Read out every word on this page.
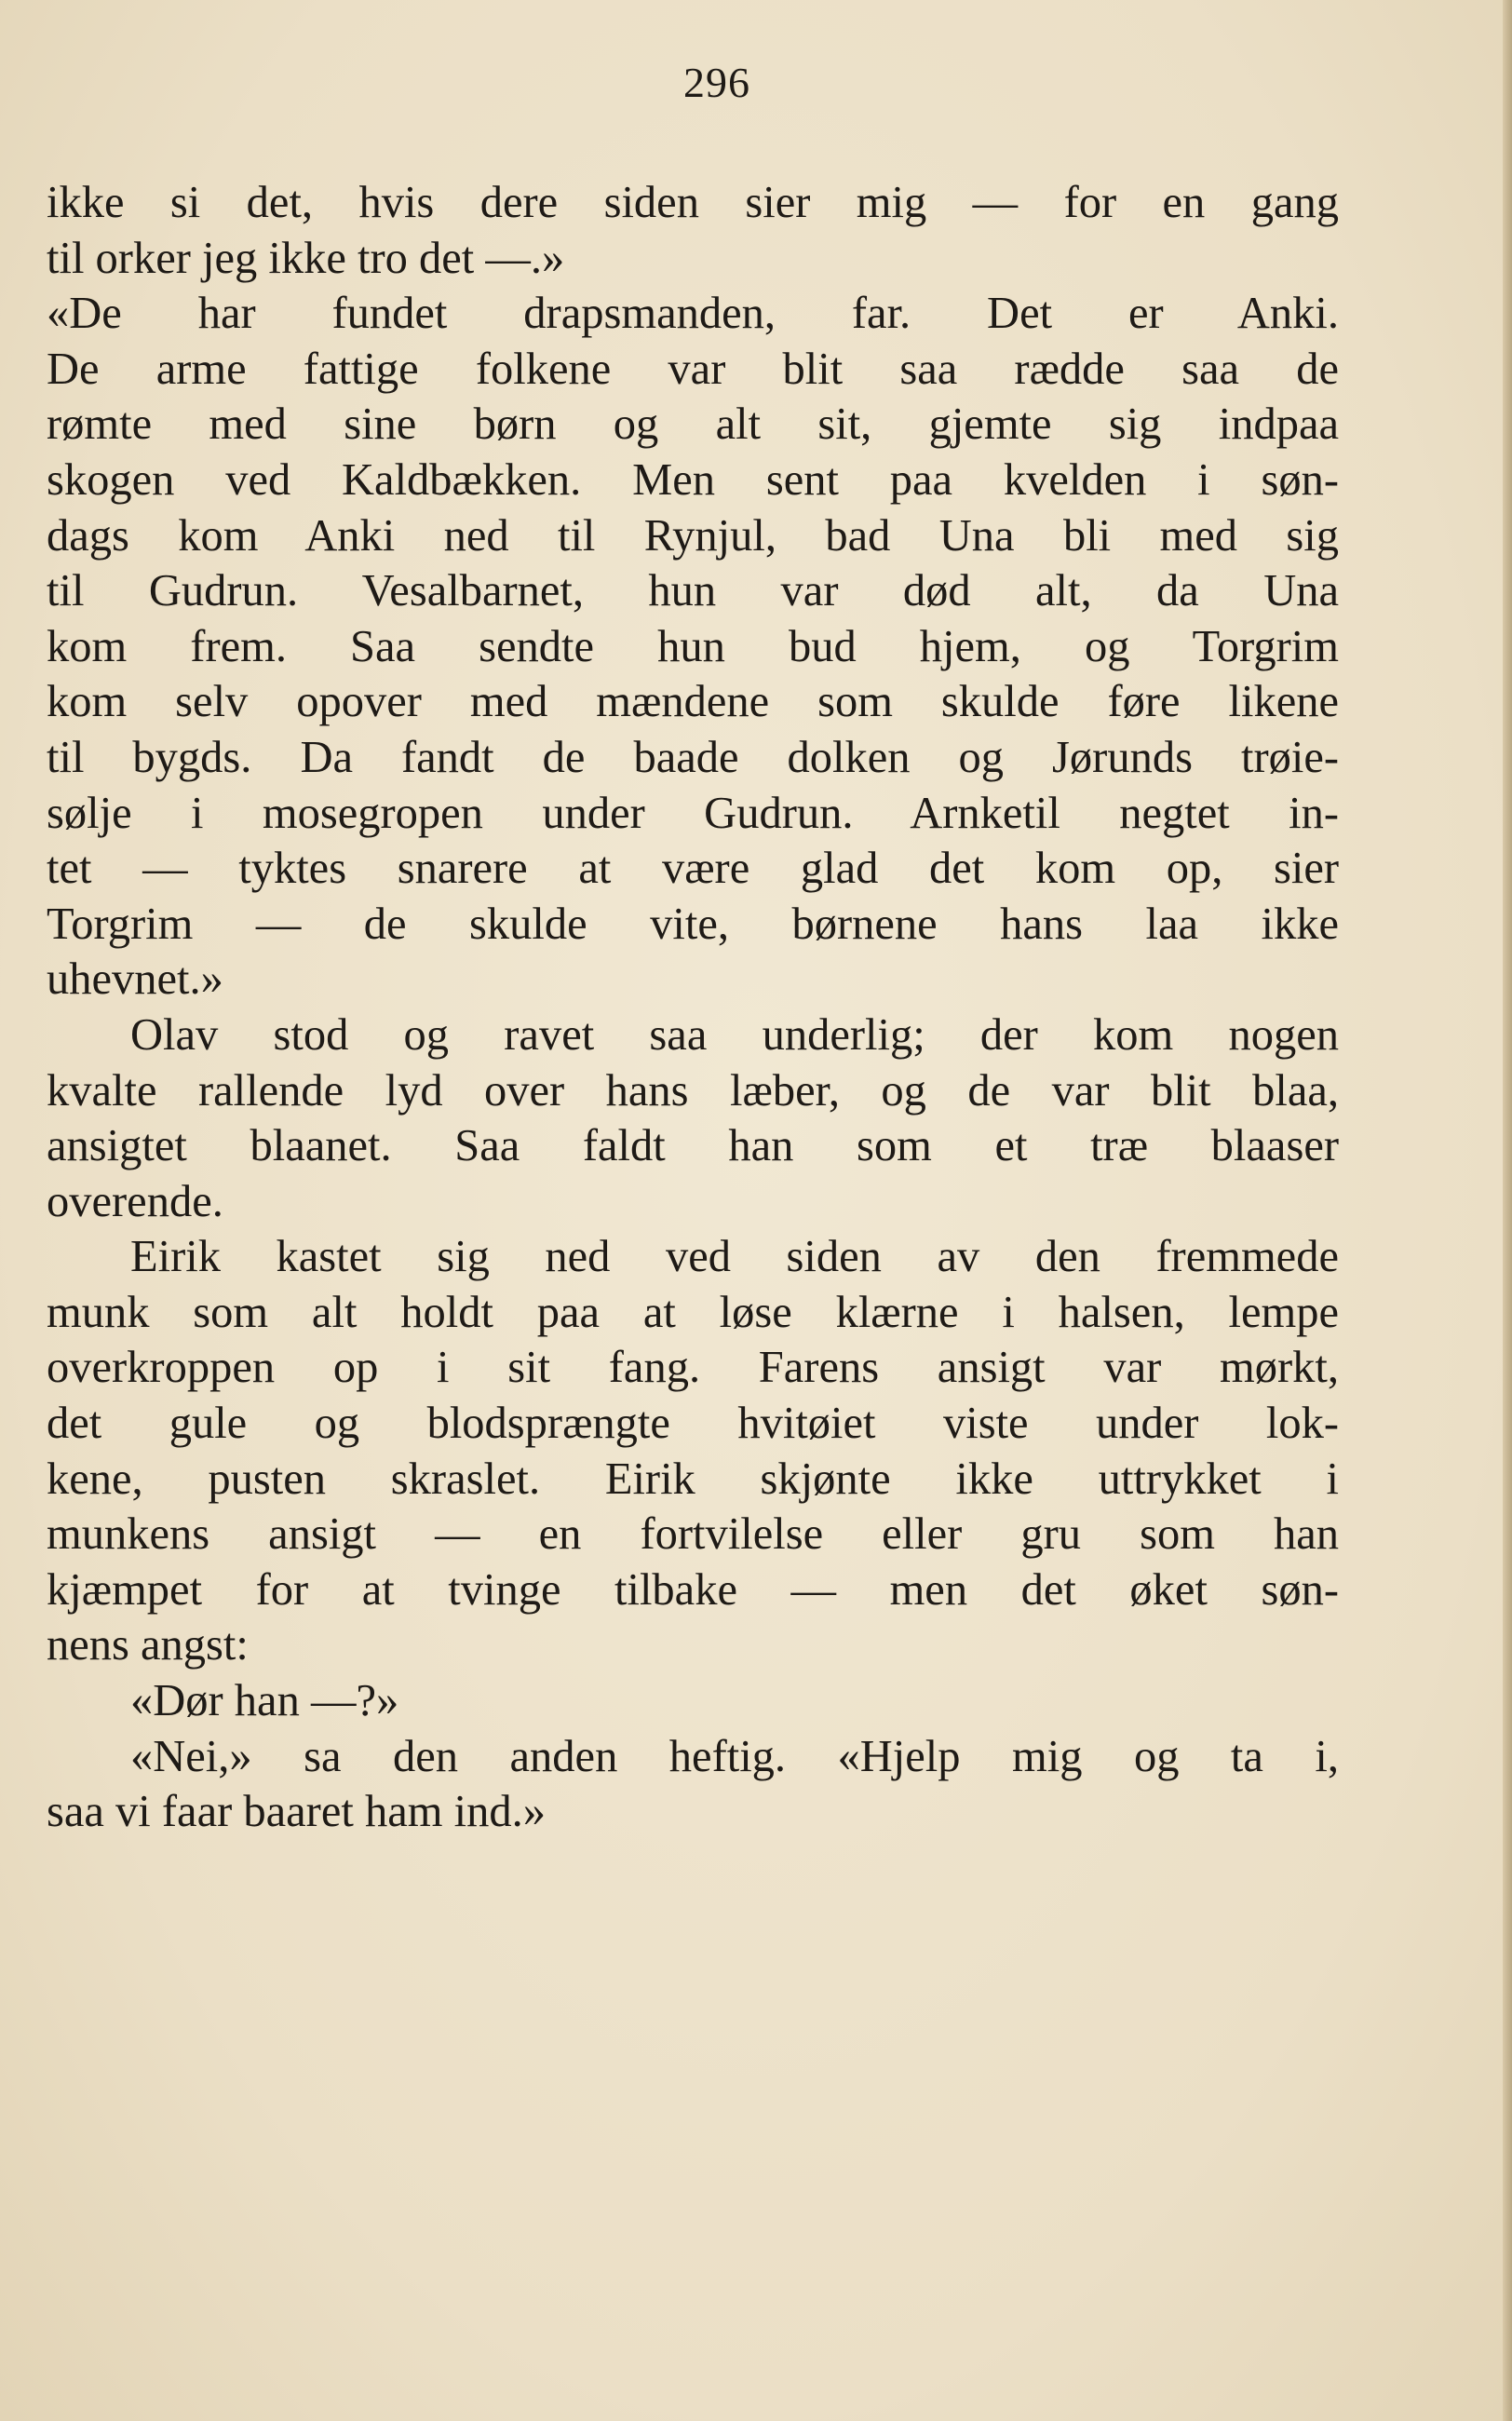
296
ikke si det, hvis dere siden sier mig — for en gang
til orker jeg ikke tro det —.»
«De har fundet drapsmanden, far. Det er Anki.
De arme fattige folkene var blit saa rædde saa de
rømte med sine børn og alt sit, gjemte sig indpaa
skogen ved Kaldbækken. Men sent paa kvelden i søn-
dags kom Anki ned til Rynjul, bad Una bli med sig
til Gudrun. Vesalbarnet, hun var død alt, da Una
kom frem. Saa sendte hun bud hjem, og Torgrim
kom selv opover med mændene som skulde føre likene
til bygds. Da fandt de baade dolken og Jørunds trøie-
sølje i mosegropen under Gudrun. Arnketil negtet in-
tet — tyktes snarere at være glad det kom op, sier
Torgrim — de skulde vite, børnene hans laa ikke
uhevnet.»
Olav stod og ravet saa underlig; der kom nogen
kvalte rallende lyd over hans læber, og de var blit blaa,
ansigtet blaanet. Saa faldt han som et træ blaaser
overende.
Eirik kastet sig ned ved siden av den fremmede
munk som alt holdt paa at løse klærne i halsen, lempe
overkroppen op i sit fang. Farens ansigt var mørkt,
det gule og blodsprængte hvitøiet viste under lok-
kene, pusten skraslet. Eirik skjønte ikke uttrykket i
munkens ansigt — en fortvilelse eller gru som han
kjæmpet for at tvinge tilbake — men det øket søn-
nens angst:
«Dør han —?»
«Nei,» sa den anden heftig. «Hjelp mig og ta i,
saa vi faar baaret ham ind.»
